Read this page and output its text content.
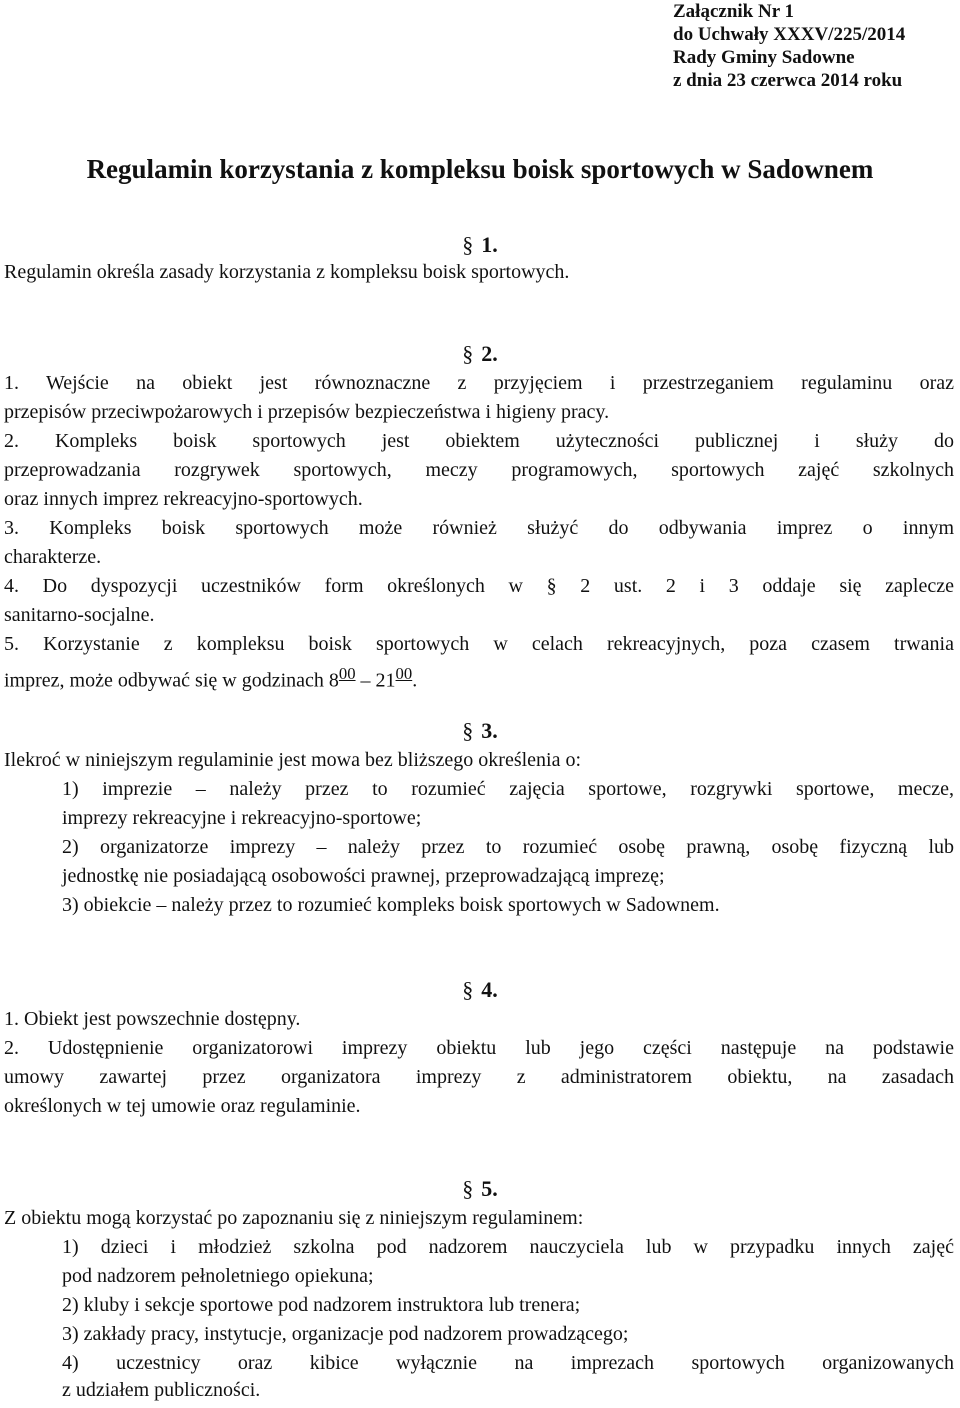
Załącznik Nr 1
do Uchwały XXXV/225/2014
Rady Gminy Sadowne
z dnia 23 czerwca 2014 roku
Regulamin korzystania z kompleksu boisk sportowych w Sadownem
§ 1.

Regulamin określa zasady korzystania z kompleksu boisk sportowych.

§ 2.

1. Wejście na obiekt jest równoznaczne z przyjęciem i przestrzeganiem regulaminu oraz

przepisów przeciwpożarowych i przepisów bezpieczeństwa i higieny pracy.

2. Kompleks boisk sportowych jest obiektem użyteczności publicznej i służy do

przeprowadzania rozgrywek sportowych, meczy programowych, sportowych zajęć szkolnych

oraz innych imprez rekreacyjno-sportowych.

3. Kompleks boisk sportowych może również służyć do odbywania imprez o innym

charakterze.

4. Do dyspozycji uczestników form określonych w § 2 ust. 2 i 3 oddaje się zaplecze

sanitarno-socjalne.

5. Korzystanie z kompleksu boisk sportowych w celach rekreacyjnych, poza czasem trwania

imprez, może odbywać się w godzinach $8^{00} - 21^{00}$.

§ 3.

Ilekroć w niniejszym regulaminie jest mowa bez bliższego określenia o:

1) imprezie – należy przez to rozumieć zajęcia sportowe, rozgrywki sportowe, mecze,

imprezy rekreacyjne i rekreacyjno-sportowe;

2) organizatorze imprezy – należy przez to rozumieć osobę prawną, osobę fizyczną lub

jednostkę nie posiadającą osobowości prawnej, przeprowadzającą imprezę;

3) obiekcie – należy przez to rozumieć kompleks boisk sportowych w Sadownem.

§ 4.

1. Obiekt jest powszechnie dostępny.

2. Udostępnienie organizatorowi imprezy obiektu lub jego części następuje na podstawie

umowy zawartej przez organizatora imprezy z administratorem obiektu, na zasadach

określonych w tej umowie oraz regulaminie.

§ 5.

Z obiektu mogą korzystać po zapoznaniu się z niniejszym regulaminem:

1) dzieci i młodzież szkolna pod nadzorem nauczyciela lub w przypadku innych zajęć

pod nadzorem pełnoletniego opiekuna;

2) kluby i sekcje sportowe pod nadzorem instruktora lub trenera;

3) zakłady pracy, instytucje, organizacje pod nadzorem prowadzącego;

4) uczestnicy oraz kibice wyłącznie na imprezach sportowych organizowanych

z udziałem publiczności.
